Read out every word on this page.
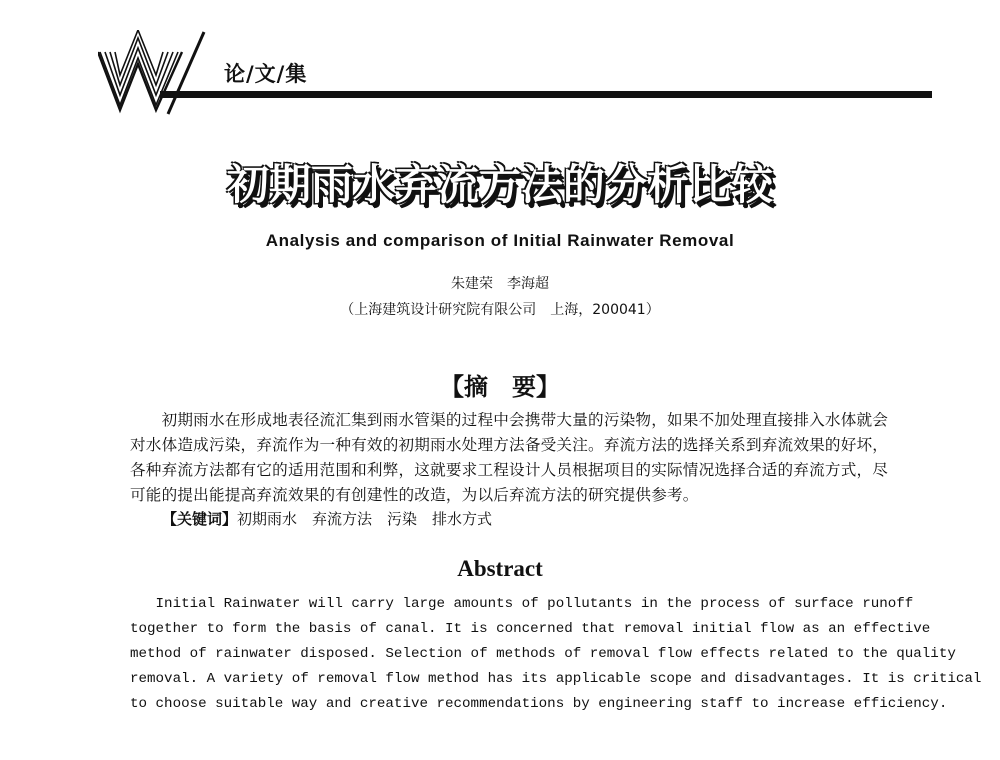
论/文/集
初期雨水弃流方法的分析比较
Analysis and comparison of Initial Rainwater Removal
朱建荣　李海超
（上海建筑设计研究院有限公司　上海，200041）
【摘　要】
　　初期雨水在形成地表径流汇集到雨水管渠的过程中会携带大量的污染物，如果不加处理直接排入水体就会
对水体造成污染，弃流作为一种有效的初期雨水处理方法备受关注。弃流方法的选择关系到弃流效果的好坏，
各种弃流方法都有它的适用范围和利弊，这就要求工程设计人员根据项目的实际情况选择合适的弃流方式，尽
可能的提出能提高弃流效果的有创建性的改造，为以后弃流方法的研究提供参考。
【关键词】初期雨水　弃流方法　污染　排水方式
Abstract
Initial Rainwater will carry large amounts of pollutants in the process of surface runoff
together to form the basis of canal. It is concerned that removal initial flow as an effective
method of rainwater disposed. Selection of methods of removal flow effects related to the quality
removal. A variety of removal flow method has its applicable scope and disadvantages. It is critical
to choose suitable way and creative recommendations by engineering staff to increase efficiency.
